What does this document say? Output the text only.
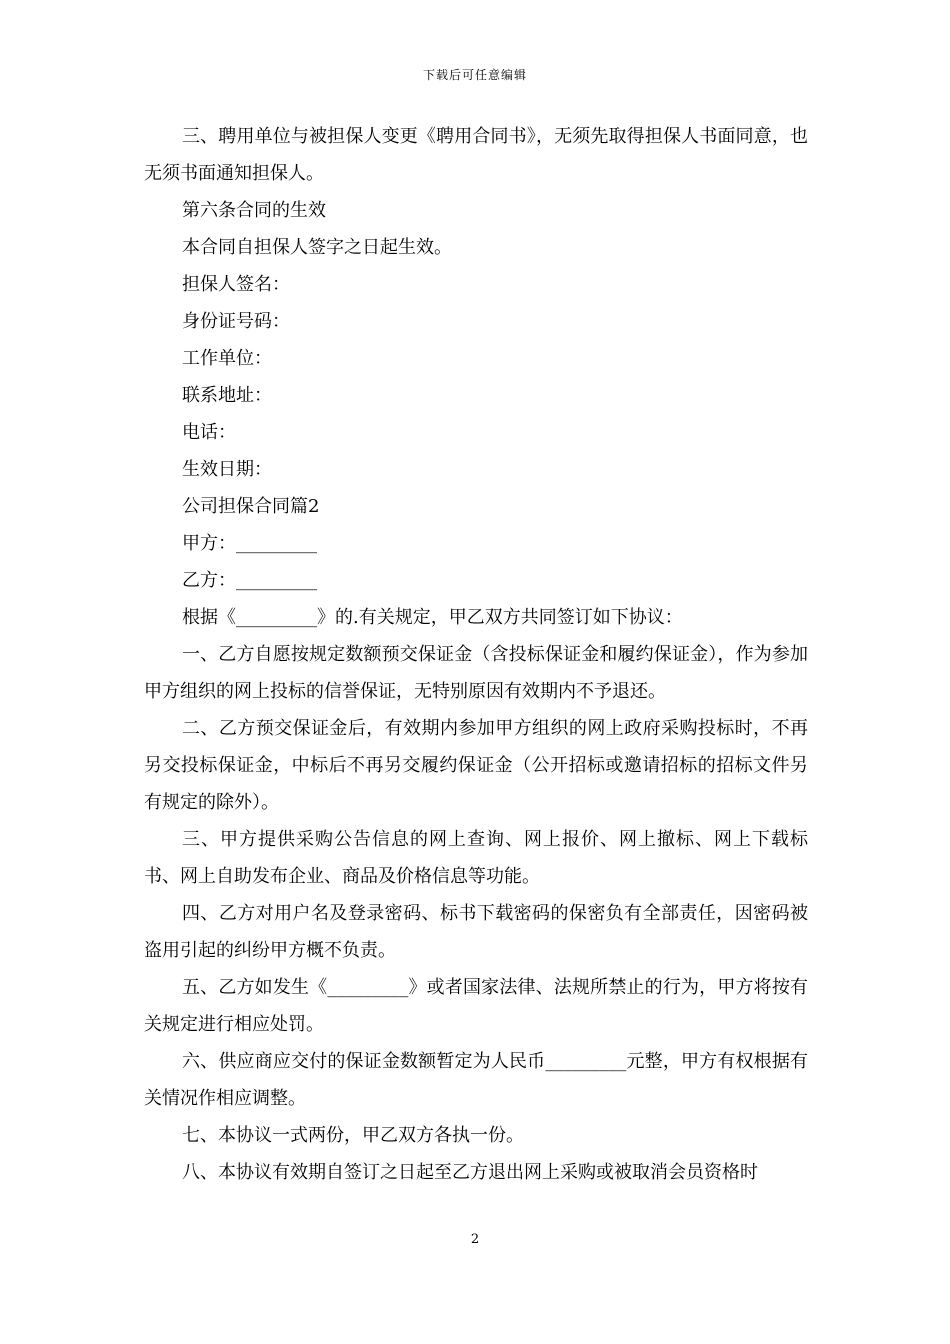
下载后可任意编辑

三、聘用单位与被担保人变更《聘用合同书》，无须先取得担保人书面同意，也无须书面通知担保人。

第六条合同的生效

本合同自担保人签字之日起生效。

担保人签名：

身份证号码：

工作单位：

联系地址：

电话：

生效日期：

公司担保合同篇2

甲方：_________

乙方：_________

根据《_________》的.有关规定，甲乙双方共同签订如下协议：

一、乙方自愿按规定数额预交保证金（含投标保证金和履约保证金），作为参加甲方组织的网上投标的信誉保证，无特别原因有效期内不予退还。

二、乙方预交保证金后，有效期内参加甲方组织的网上政府采购投标时，不再另交投标保证金，中标后不再另交履约保证金（公开招标或邀请招标的招标文件另有规定的除外）。

三、甲方提供采购公告信息的网上查询、网上报价、网上撤标、网上下载标书、网上自助发布企业、商品及价格信息等功能。

四、乙方对用户名及登录密码、标书下载密码的保密负有全部责任，因密码被盗用引起的纠纷甲方概不负责。

五、乙方如发生《_________》或者国家法律、法规所禁止的行为，甲方将按有关规定进行相应处罚。

六、供应商应交付的保证金数额暂定为人民币_________元整，甲方有权根据有关情况作相应调整。

七、本协议一式两份，甲乙双方各执一份。

八、本协议有效期自签订之日起至乙方退出网上采购或被取消会员资格时

2
